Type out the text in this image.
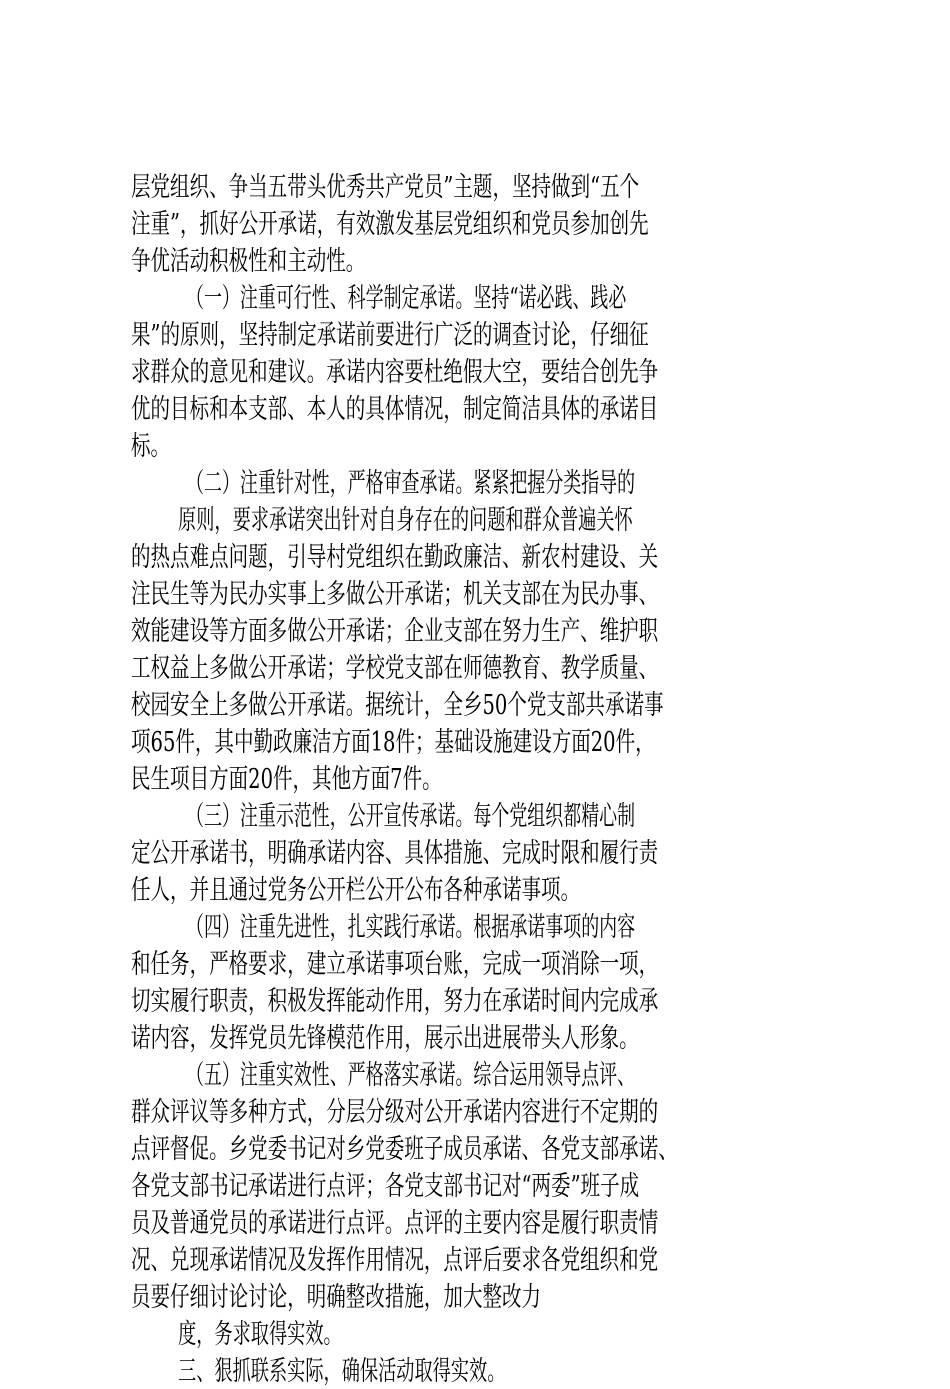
层党组织、争当五带头优秀共产党员”主题，坚持做到“五个
注重”，抓好公开承诺，有效激发基层党组织和党员参加创先
争优活动积极性和主动性。
（一）注重可行性、科学制定承诺。坚持“诺必践、践必
果”的原则，坚持制定承诺前要进行广泛的调查讨论，仔细征
求群众的意见和建议。承诺内容要杜绝假大空，要结合创先争
优的目标和本支部、本人的具体情况，制定简洁具体的承诺目
标。
（二）注重针对性，严格审查承诺。紧紧把握分类指导的
原则，要求承诺突出针对自身存在的问题和群众普遍关怀
的热点难点问题，引导村党组织在勤政廉洁、新农村建设、关
注民生等为民办实事上多做公开承诺；机关支部在为民办事、
效能建设等方面多做公开承诺；企业支部在努力生产、维护职
工权益上多做公开承诺；学校党支部在师德教育、教学质量、
校园安全上多做公开承诺。据统计，全乡50个党支部共承诺事
项65件，其中勤政廉洁方面18件；基础设施建设方面20件，
民生项目方面20件，其他方面7件。
（三）注重示范性，公开宣传承诺。每个党组织都精心制
定公开承诺书，明确承诺内容、具体措施、完成时限和履行责
任人，并且通过党务公开栏公开公布各种承诺事项。
（四）注重先进性，扎实践行承诺。根据承诺事项的内容
和任务，严格要求，建立承诺事项台账，完成一项消除一项，
切实履行职责，积极发挥能动作用，努力在承诺时间内完成承
诺内容，发挥党员先锋模范作用，展示出进展带头人形象。
（五）注重实效性、严格落实承诺。综合运用领导点评、
群众评议等多种方式，分层分级对公开承诺内容进行不定期的
点评督促。乡党委书记对乡党委班子成员承诺、各党支部承诺、
各党支部书记承诺进行点评；各党支部书记对“两委”班子成
员及普通党员的承诺进行点评。点评的主要内容是履行职责情
况、兑现承诺情况及发挥作用情况，点评后要求各党组织和党
员要仔细讨论讨论，明确整改措施，加大整改力
度，务求取得实效。
三、狠抓联系实际，确保活动取得实效。
